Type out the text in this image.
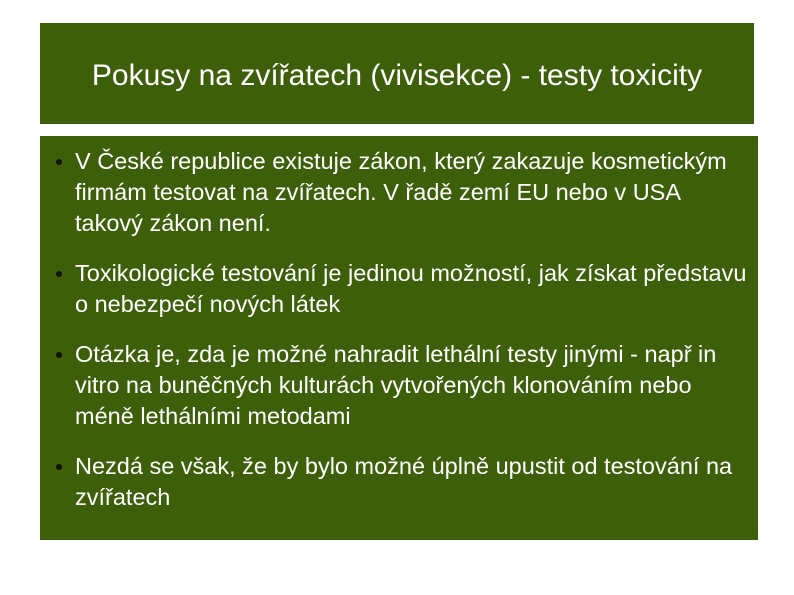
Pokusy na zvířatech (vivisekce) - testy toxicity
V České republice existuje zákon, který zakazuje kosmetickým firmám testovat na zvířatech. V řadě zemí EU nebo v USA takový zákon není.
Toxikologické testování je jedinou možností, jak získat představu o nebezpečí nových látek
Otázka je, zda je možné nahradit lethální testy jinými - např in vitro na buněčných kulturách vytvořených klonováním nebo méně lethálními metodami
Nezdá se však, že by bylo možné úplně upustit od testování na zvířatech
